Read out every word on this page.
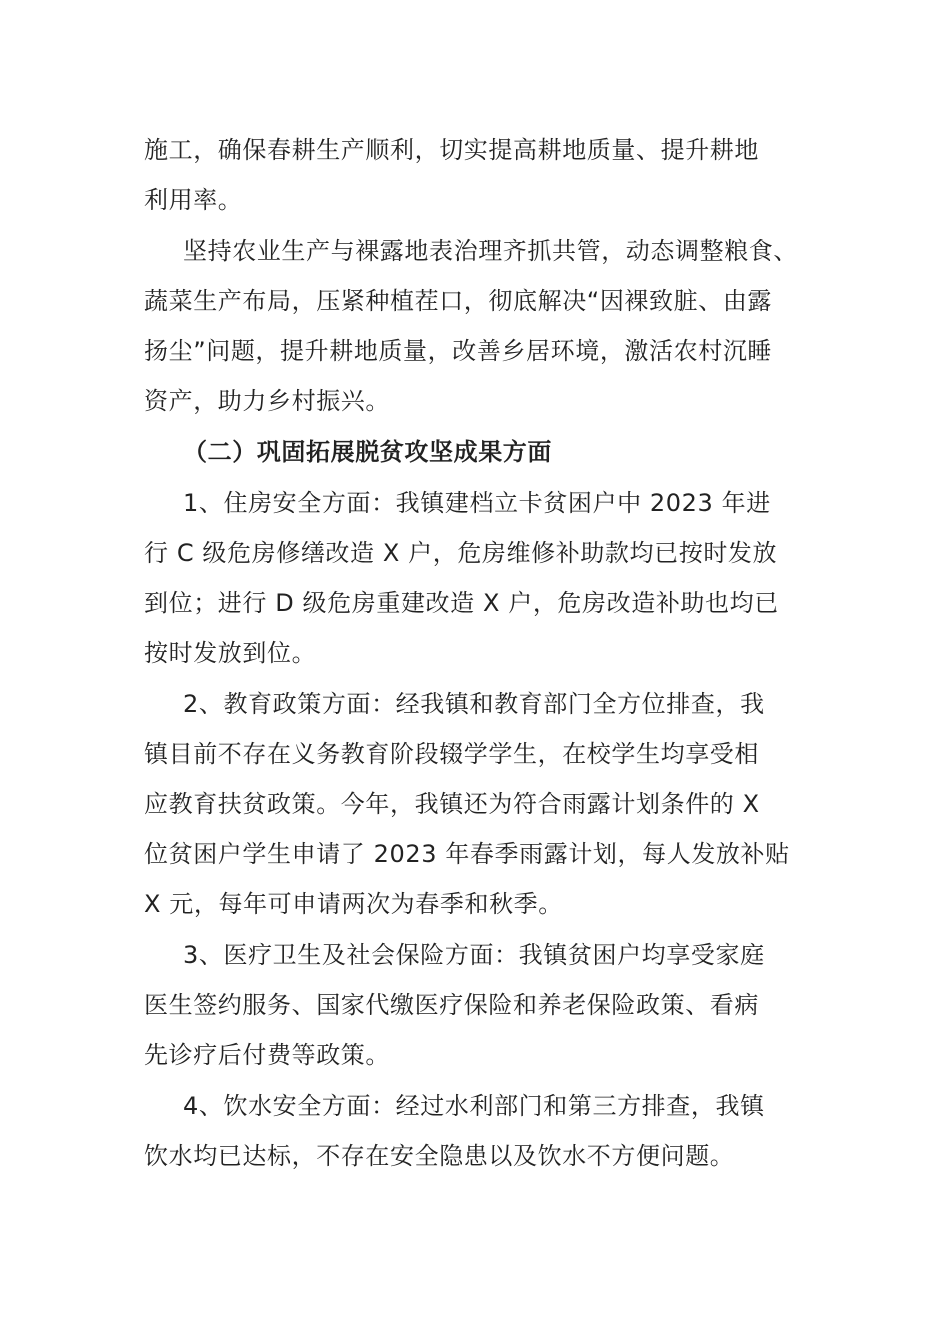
施工，确保春耕生产顺利，切实提高耕地质量、提升耕地
利用率。
坚持农业生产与裸露地表治理齐抓共管，动态调整粮食、
蔬菜生产布局，压紧种植茬口，彻底解决“因裸致脏、由露
扬尘”问题，提升耕地质量，改善乡居环境，激活农村沉睡
资产，助力乡村振兴。
（二）巩固拓展脱贫攻坚成果方面
1、住房安全方面：我镇建档立卡贫困户中 2023 年进
行 C 级危房修缮改造 X 户，危房维修补助款均已按时发放
到位；进行 D 级危房重建改造 X 户，危房改造补助也均已
按时发放到位。
2、教育政策方面：经我镇和教育部门全方位排查，我
镇目前不存在义务教育阶段辍学学生，在校学生均享受相
应教育扶贫政策。今年，我镇还为符合雨露计划条件的 X
位贫困户学生申请了 2023 年春季雨露计划，每人发放补贴
X 元，每年可申请两次为春季和秋季。
3、医疗卫生及社会保险方面：我镇贫困户均享受家庭
医生签约服务、国家代缴医疗保险和养老保险政策、看病
先诊疗后付费等政策。
4、饮水安全方面：经过水利部门和第三方排查，我镇
饮水均已达标，不存在安全隐患以及饮水不方便问题。
